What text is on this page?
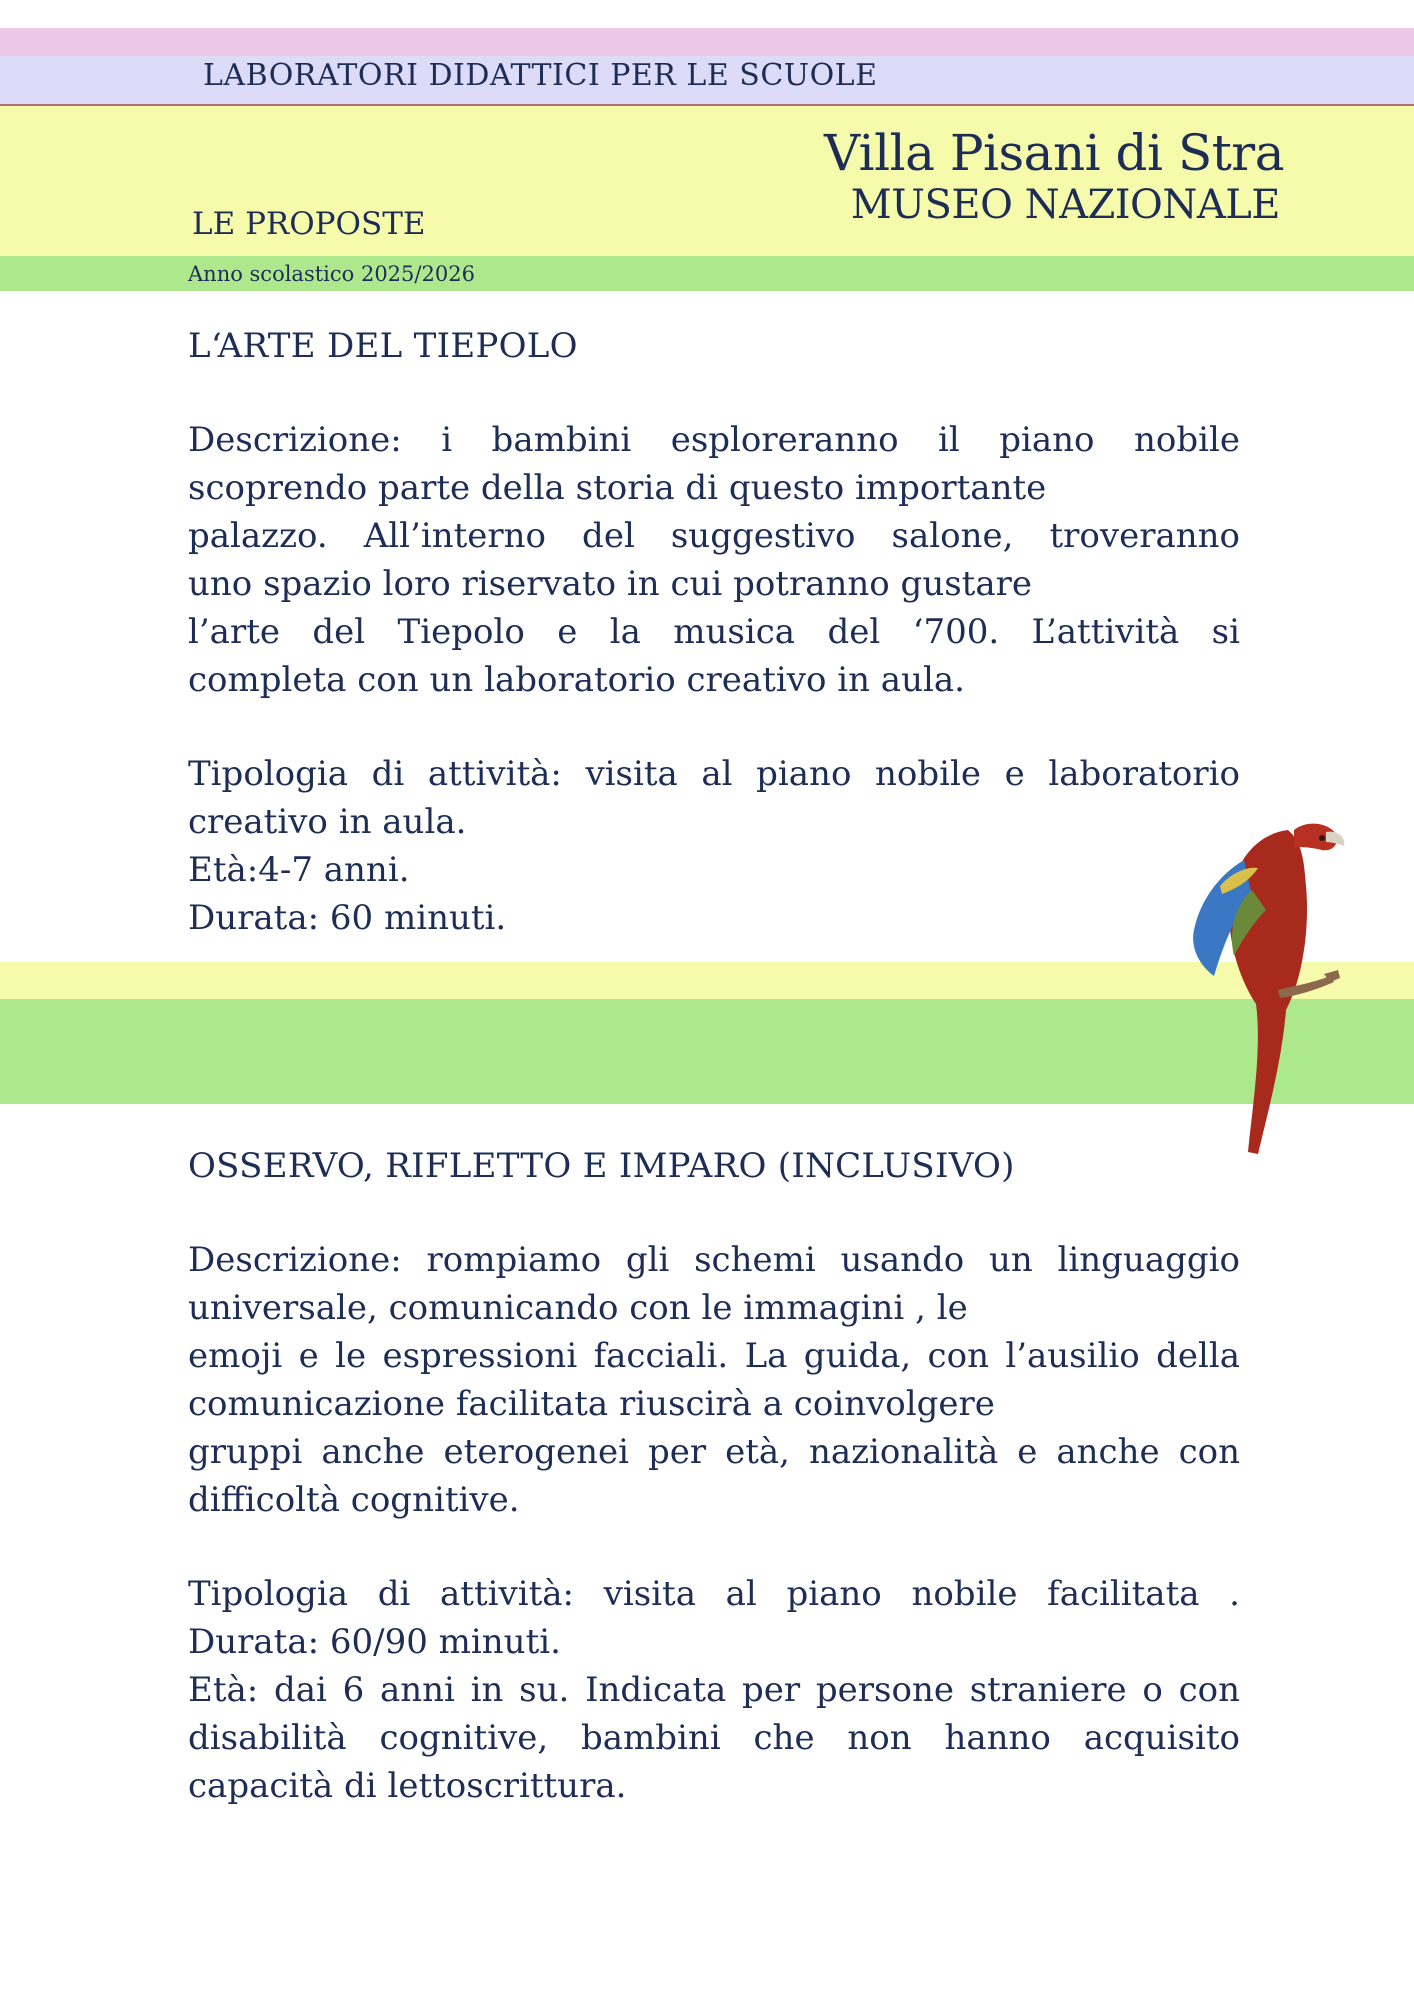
LABORATORI DIDATTICI PER LE SCUOLE
LE PROPOSTE
Villa Pisani di Stra
MUSEO NAZIONALE
Anno scolastico 2025/2026

L‘ARTE DEL TIEPOLO

Descrizione: i bambini esploreranno il piano nobile

scoprendo parte della storia di questo importante

palazzo. All’interno del suggestivo salone, troveranno

uno spazio loro riservato in cui potranno gustare

l’arte del Tiepolo e la musica del ‘700. L’attività si

completa con un laboratorio creativo in aula.

Tipologia di attività: visita al piano nobile e laboratorio

creativo in aula.

Età:4-7 anni.

Durata: 60 minuti.

OSSERVO, RIFLETTO E IMPARO (INCLUSIVO)

Descrizione: rompiamo gli schemi usando un linguaggio

universale, comunicando con le immagini , le

emoji e le espressioni facciali. La guida, con l’ausilio della

comunicazione facilitata riuscirà a coinvolgere

gruppi anche eterogenei per età, nazionalità e anche con

difficoltà cognitive.

Tipologia di attività: visita al piano nobile facilitata .

Durata: 60/90 minuti.

Età: dai 6 anni in su. Indicata per persone straniere o con

disabilità cognitive, bambini che non hanno acquisito

capacità di lettoscrittura.
